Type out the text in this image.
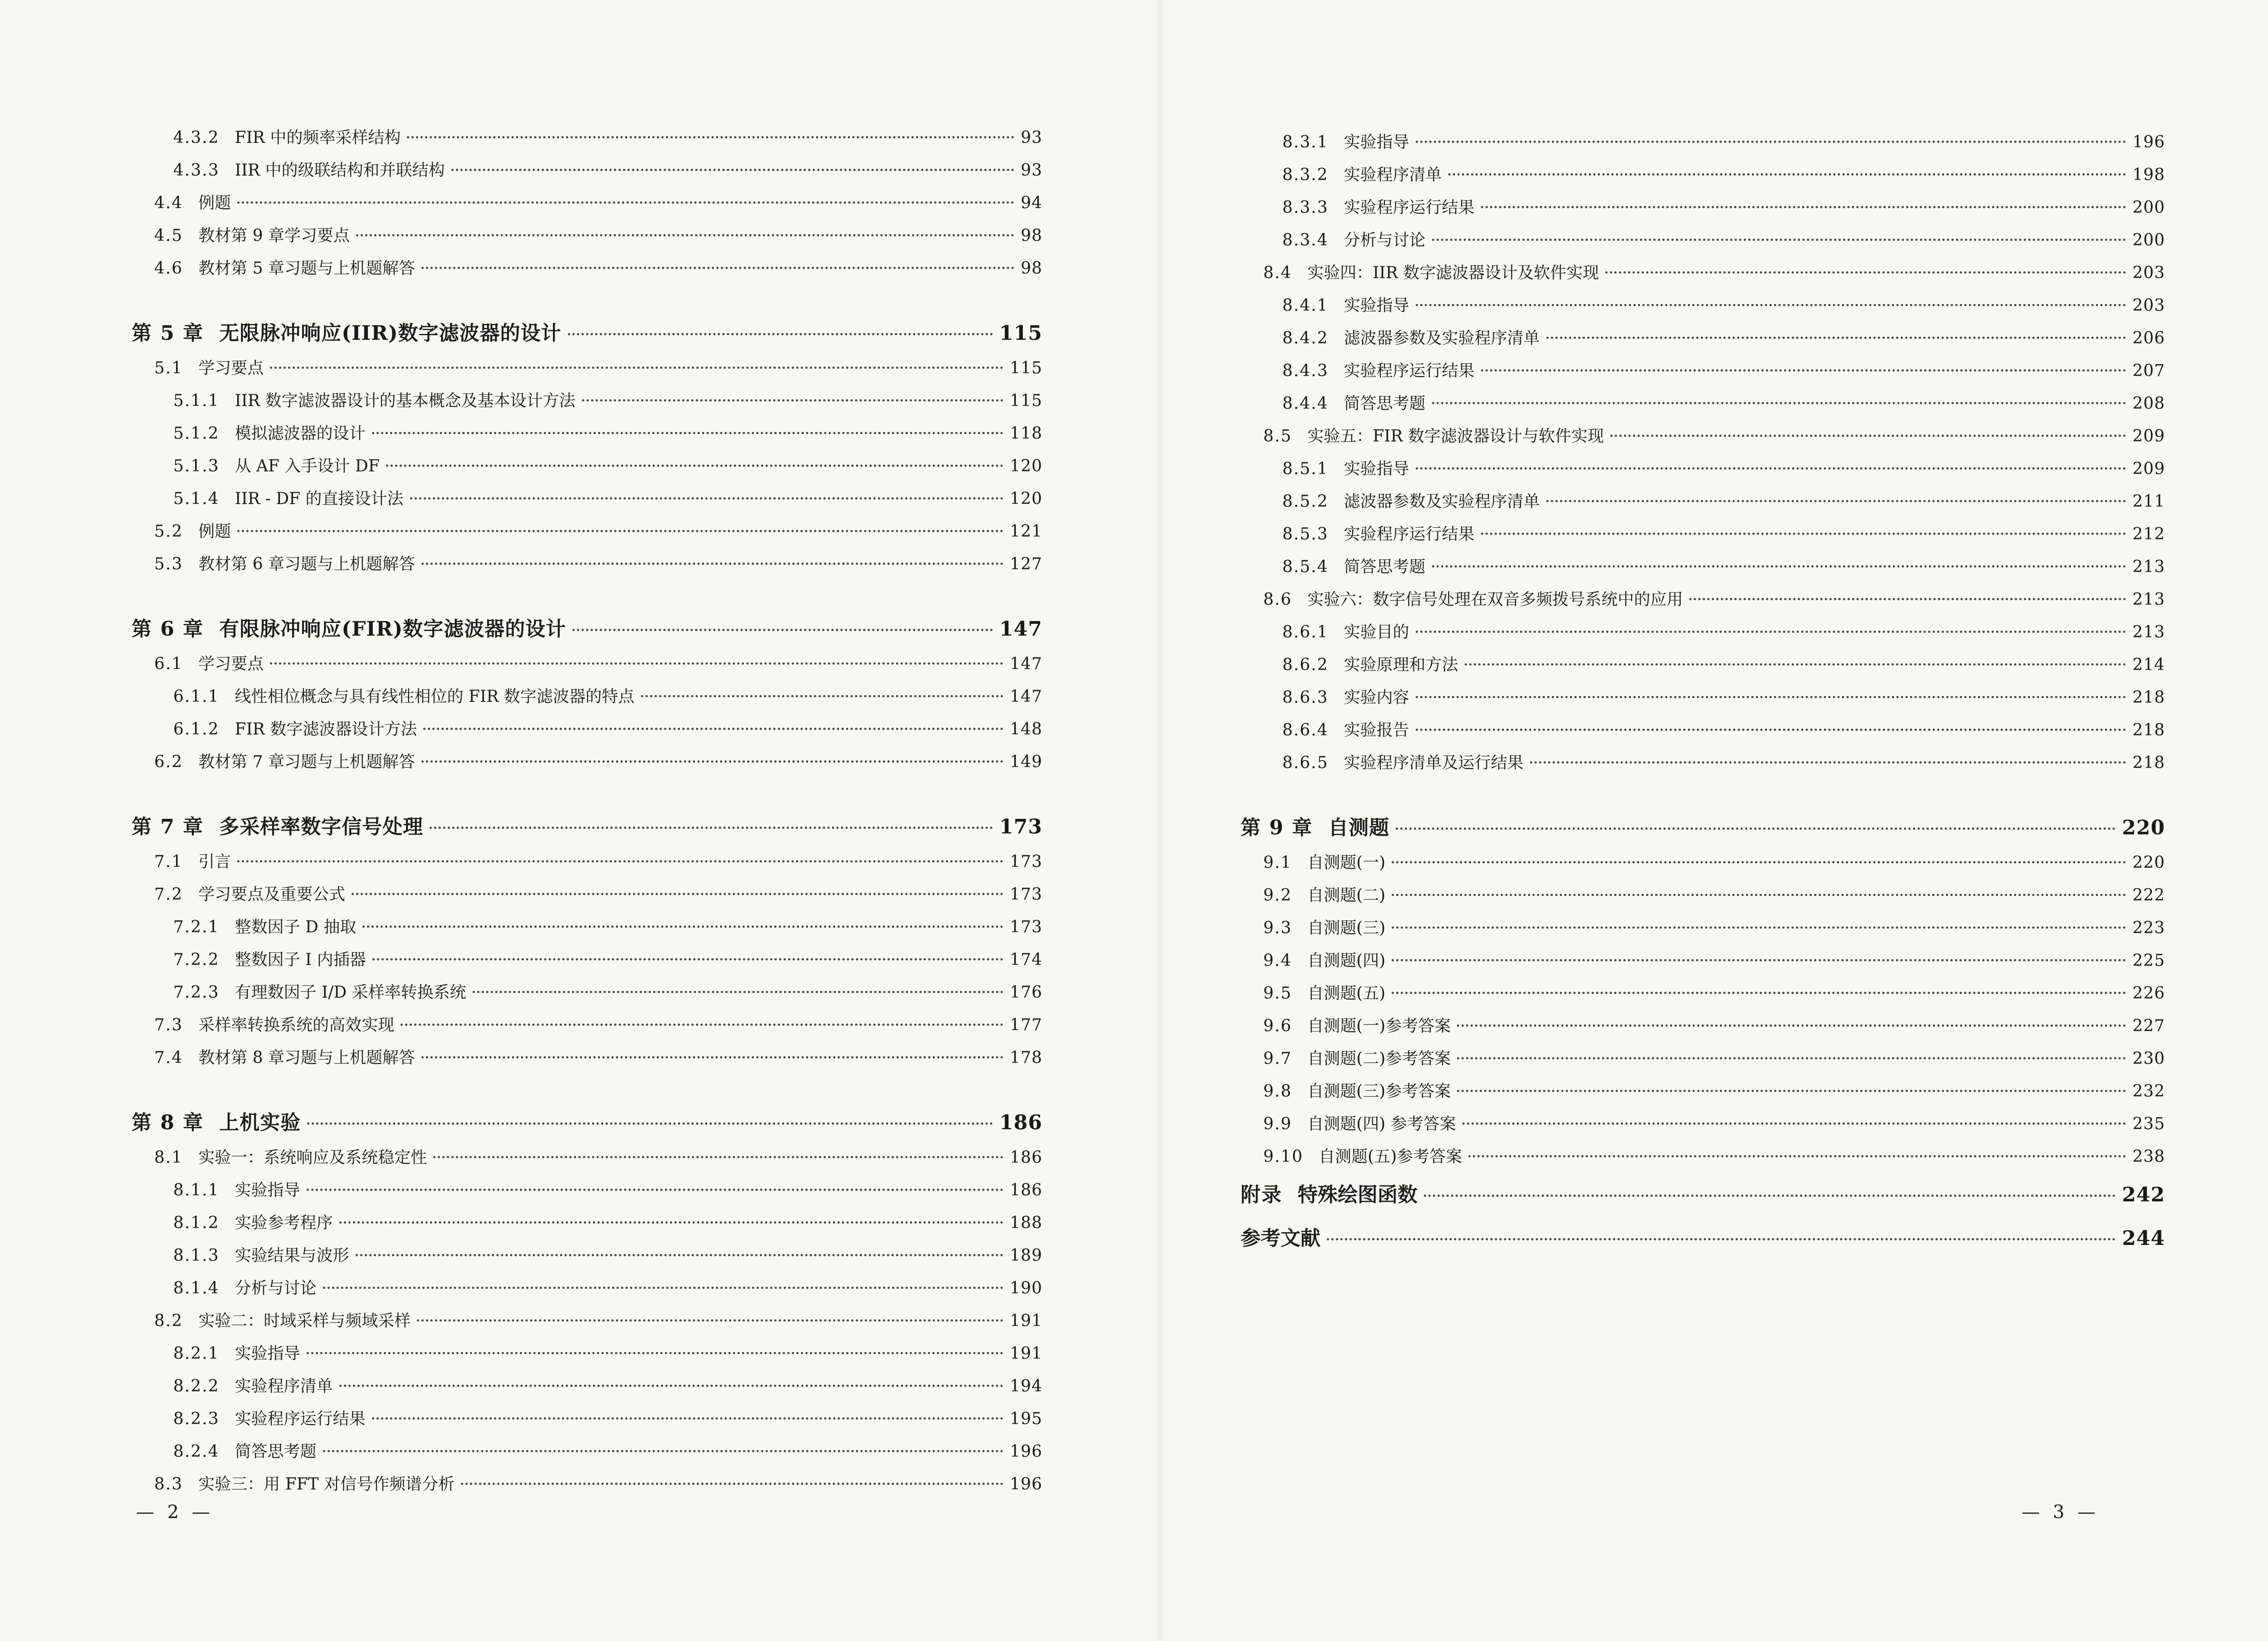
4.3.2 FIR 中的频率采样结构	93
4.3.3 IIR 中的级联结构和并联结构	93
4.4 例题	94
4.5 教材第 9 章学习要点	98
4.6 教材第 5 章习题与上机题解答	98
第 5 章 无限脉冲响应(IIR)数字滤波器的设计	115
5.1 学习要点	115
5.1.1 IIR 数字滤波器设计的基本概念及基本设计方法	115
5.1.2 模拟滤波器的设计	118
5.1.3 从 AF 入手设计 DF	120
5.1.4 IIR - DF 的直接设计法	120
5.2 例题	121
5.3 教材第 6 章习题与上机题解答	127
第 6 章 有限脉冲响应(FIR)数字滤波器的设计	147
6.1 学习要点	147
6.1.1 线性相位概念与具有线性相位的 FIR 数字滤波器的特点	147
6.1.2 FIR 数字滤波器设计方法	148
6.2 教材第 7 章习题与上机题解答	149
第 7 章 多采样率数字信号处理	173
7.1 引言	173
7.2 学习要点及重要公式	173
7.2.1 整数因子 D 抽取	173
7.2.2 整数因子 I 内插器	174
7.2.3 有理数因子 I/D 采样率转换系统	176
7.3 采样率转换系统的高效实现	177
7.4 教材第 8 章习题与上机题解答	178
第 8 章 上机实验	186
8.1 实验一：系统响应及系统稳定性	186
8.1.1 实验指导	186
8.1.2 实验参考程序	188
8.1.3 实验结果与波形	189
8.1.4 分析与讨论	190
8.2 实验二：时域采样与频域采样	191
8.2.1 实验指导	191
8.2.2 实验程序清单	194
8.2.3 实验程序运行结果	195
8.2.4 简答思考题	196
8.3 实验三：用 FFT 对信号作频谱分析	196
— 2 —
8.3.1 实验指导	196
8.3.2 实验程序清单	198
8.3.3 实验程序运行结果	200
8.3.4 分析与讨论	200
8.4 实验四：IIR 数字滤波器设计及软件实现	203
8.4.1 实验指导	203
8.4.2 滤波器参数及实验程序清单	206
8.4.3 实验程序运行结果	207
8.4.4 简答思考题	208
8.5 实验五：FIR 数字滤波器设计与软件实现	209
8.5.1 实验指导	209
8.5.2 滤波器参数及实验程序清单	211
8.5.3 实验程序运行结果	212
8.5.4 简答思考题	213
8.6 实验六：数字信号处理在双音多频拨号系统中的应用	213
8.6.1 实验目的	213
8.6.2 实验原理和方法	214
8.6.3 实验内容	218
8.6.4 实验报告	218
8.6.5 实验程序清单及运行结果	218
第 9 章 自测题	220
9.1 自测题(一)	220
9.2 自测题(二)	222
9.3 自测题(三)	223
9.4 自测题(四)	225
9.5 自测题(五)	226
9.6 自测题(一)参考答案	227
9.7 自测题(二)参考答案	230
9.8 自测题(三)参考答案	232
9.9 自测题(四) 参考答案	235
9.10 自测题(五)参考答案	238
附录 特殊绘图函数	242
参考文献	244
— 3 —
